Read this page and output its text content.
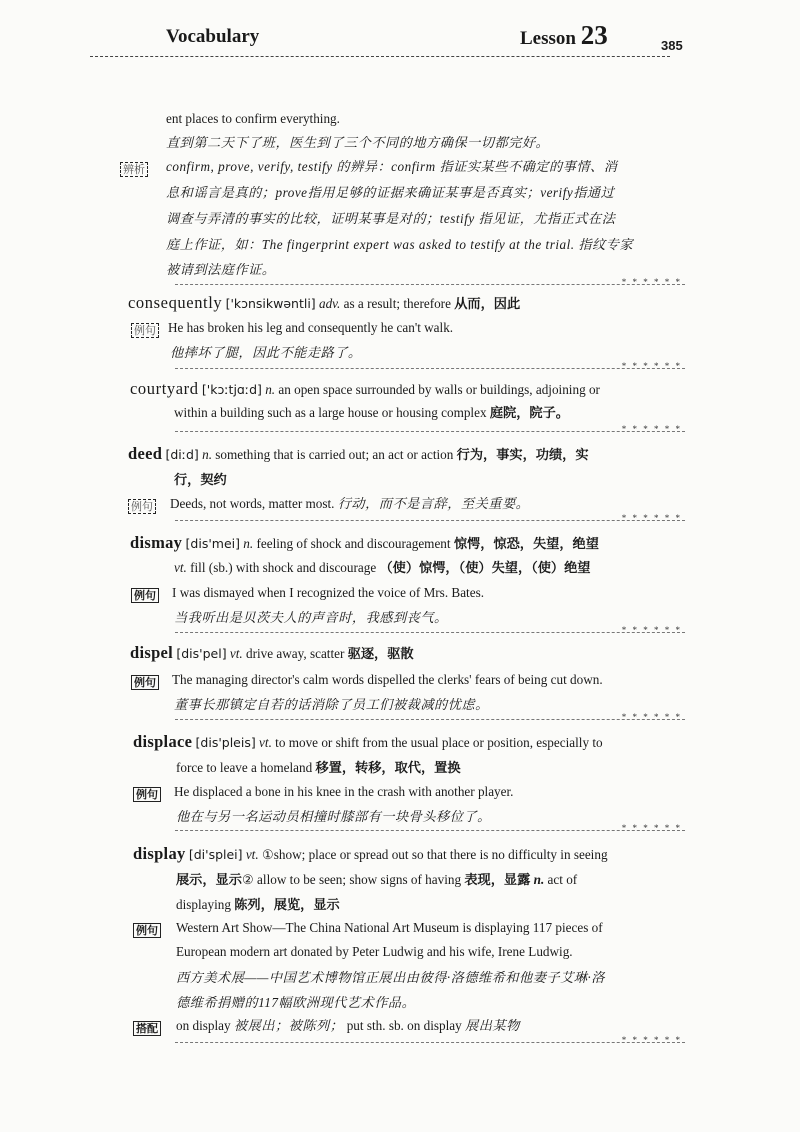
Vocabulary	Lesson 23	385
ent places to confirm everything.
直到第二天下了班，医生到了三个不同的地方确保一切都完好。
辨析 confirm, prove, verify, testify 的辨异：confirm 指证实某些不确定的事情、消
息和谣言是真的；prove指用足够的证据来确证某事是否真实；verify指通过
调查与弄清的事实的比较，证明某事是对的；testify 指见证，尤指正式在法
庭上作证，如：The fingerprint expert was asked to testify at the trial. 指纹专家
被请到法庭作证。
* * * * * *
consequently ['kɔnsikwəntli] adv. as a result; therefore 从而，因此
例句 He has broken his leg and consequently he can't walk.
他摔坏了腿，因此不能走路了。
* * * * * *
courtyard ['kɔːtjɑːd] n. an open space surrounded by walls or buildings, adjoining or
within a building such as a large house or housing complex 庭院，院子。
* * * * * *
deed [diːd] n. something that is carried out; an act or action 行为，事实，功绩，实
行，契约
例句 Deeds, not words, matter most. 行动，而不是言辞，至关重要。
* * * * * *
dismay [dis'mei] n. feeling of shock and discouragement 惊愕，惊恐，失望，绝望
vt. fill (sb.) with shock and discourage （使）惊愕，（使）失望，（使）绝望
例句 I was dismayed when I recognized the voice of Mrs. Bates.
当我听出是贝茨夫人的声音时，我感到丧气。
* * * * * *
dispel [dis'pel] vt. drive away, scatter 驱逐，驱散
例句 The managing director's calm words dispelled the clerks' fears of being cut down.
董事长那镇定自若的话消除了员工们被裁减的忧虑。
* * * * * *
displace [dis'pleis] vt. to move or shift from the usual place or position, especially to
force to leave a homeland 移置，转移，取代，置换
例句 He displaced a bone in his knee in the crash with another player.
他在与另一名运动员相撞时膝部有一块骨头移位了。
* * * * * *
display [di'splei] vt. ①show; place or spread out so that there is no difficulty in seeing
展示，显示② allow to be seen; show signs of having 表现，显露 n. act of
displaying 陈列，展览，显示
例句 Western Art Show—The China National Art Museum is displaying 117 pieces of
European modern art donated by Peter Ludwig and his wife, Irene Ludwig.
西方美术展——中国艺术博物馆正展出由彼得·洛德维希和他妻子艾琳·洛
德维希捐赠的117幅欧洲现代艺术作品。
搭配 on display 被展出；被陈列； put sth. sb. on display 展出某物
* * * * * *
